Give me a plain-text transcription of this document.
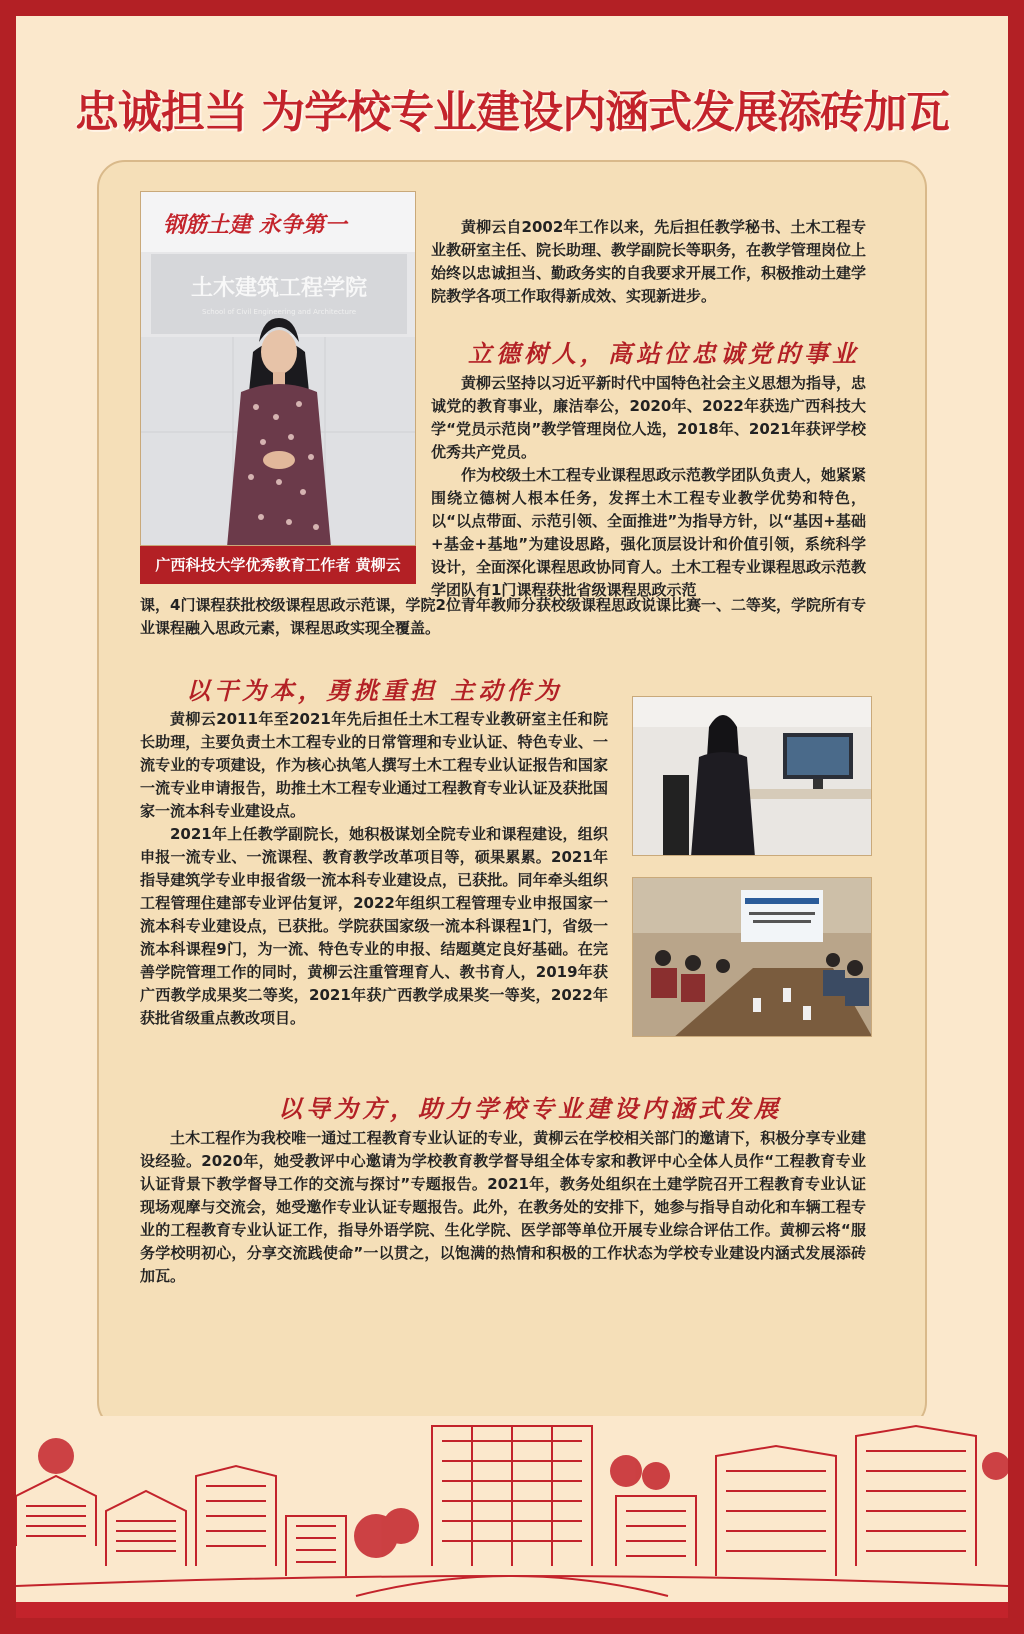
忠诚担当 为学校专业建设内涵式发展添砖加瓦
钢筋土建 永争第一
土木建筑工程学院
School of Civil Engineering and Architecture
广西科技大学优秀教育工作者 黄柳云

黄柳云自2002年工作以来，先后担任教学秘书、土木工程专业教研室主任、院长助理、教学副院长等职务，在教学管理岗位上始终以忠诚担当、勤政务实的自我要求开展工作，积极推动土建学院教学各项工作取得新成效、实现新进步。

立德树人，高站位忠诚党的事业

黄柳云坚持以习近平新时代中国特色社会主义思想为指导，忠诚党的教育事业，廉洁奉公，2020年、2022年获选广西科技大学“党员示范岗”教学管理岗位人选，2018年、2021年获评学校优秀共产党员。

作为校级土木工程专业课程思政示范教学团队负责人，她紧紧围绕立德树人根本任务，发挥土木工程专业教学优势和特色，以“以点带面、示范引领、全面推进”为指导方针，以“基因+基础+基金+基地”为建设思路，强化顶层设计和价值引领，系统科学设计，全面深化课程思政协同育人。土木工程专业课程思政示范教学团队有1门课程获批省级课程思政示范

课，4门课程获批校级课程思政示范课，学院2位青年教师分获校级课程思政说课比赛一、二等奖，学院所有专业课程融入思政元素，课程思政实现全覆盖。

以干为本，勇挑重担 主动作为

黄柳云2011年至2021年先后担任土木工程专业教研室主任和院长助理，主要负责土木工程专业的日常管理和专业认证、特色专业、一流专业的专项建设，作为核心执笔人撰写土木工程专业认证报告和国家一流专业申请报告，助推土木工程专业通过工程教育专业认证及获批国家一流本科专业建设点。

2021年上任教学副院长，她积极谋划全院专业和课程建设，组织申报一流专业、一流课程、教育教学改革项目等，硕果累累。2021年指导建筑学专业申报省级一流本科专业建设点，已获批。同年牵头组织工程管理住建部专业评估复评，2022年组织工程管理专业申报国家一流本科专业建设点，已获批。学院获国家级一流本科课程1门，省级一流本科课程9门，为一流、特色专业的申报、结题奠定良好基础。在完善学院管理工作的同时，黄柳云注重管理育人、教书育人，2019年获广西教学成果奖二等奖，2021年获广西教学成果奖一等奖，2022年获批省级重点教改项目。

以导为方，助力学校专业建设内涵式发展

土木工程作为我校唯一通过工程教育专业认证的专业，黄柳云在学校相关部门的邀请下，积极分享专业建设经验。2020年，她受教评中心邀请为学校教育教学督导组全体专家和教评中心全体人员作“工程教育专业认证背景下教学督导工作的交流与探讨”专题报告。2021年，教务处组织在土建学院召开工程教育专业认证现场观摩与交流会，她受邀作专业认证专题报告。此外，在教务处的安排下，她参与指导自动化和车辆工程专业的工程教育专业认证工作，指导外语学院、生化学院、医学部等单位开展专业综合评估工作。黄柳云将“服务学校明初心，分享交流践使命”一以贯之，以饱满的热情和积极的工作状态为学校专业建设内涵式发展添砖加瓦。
